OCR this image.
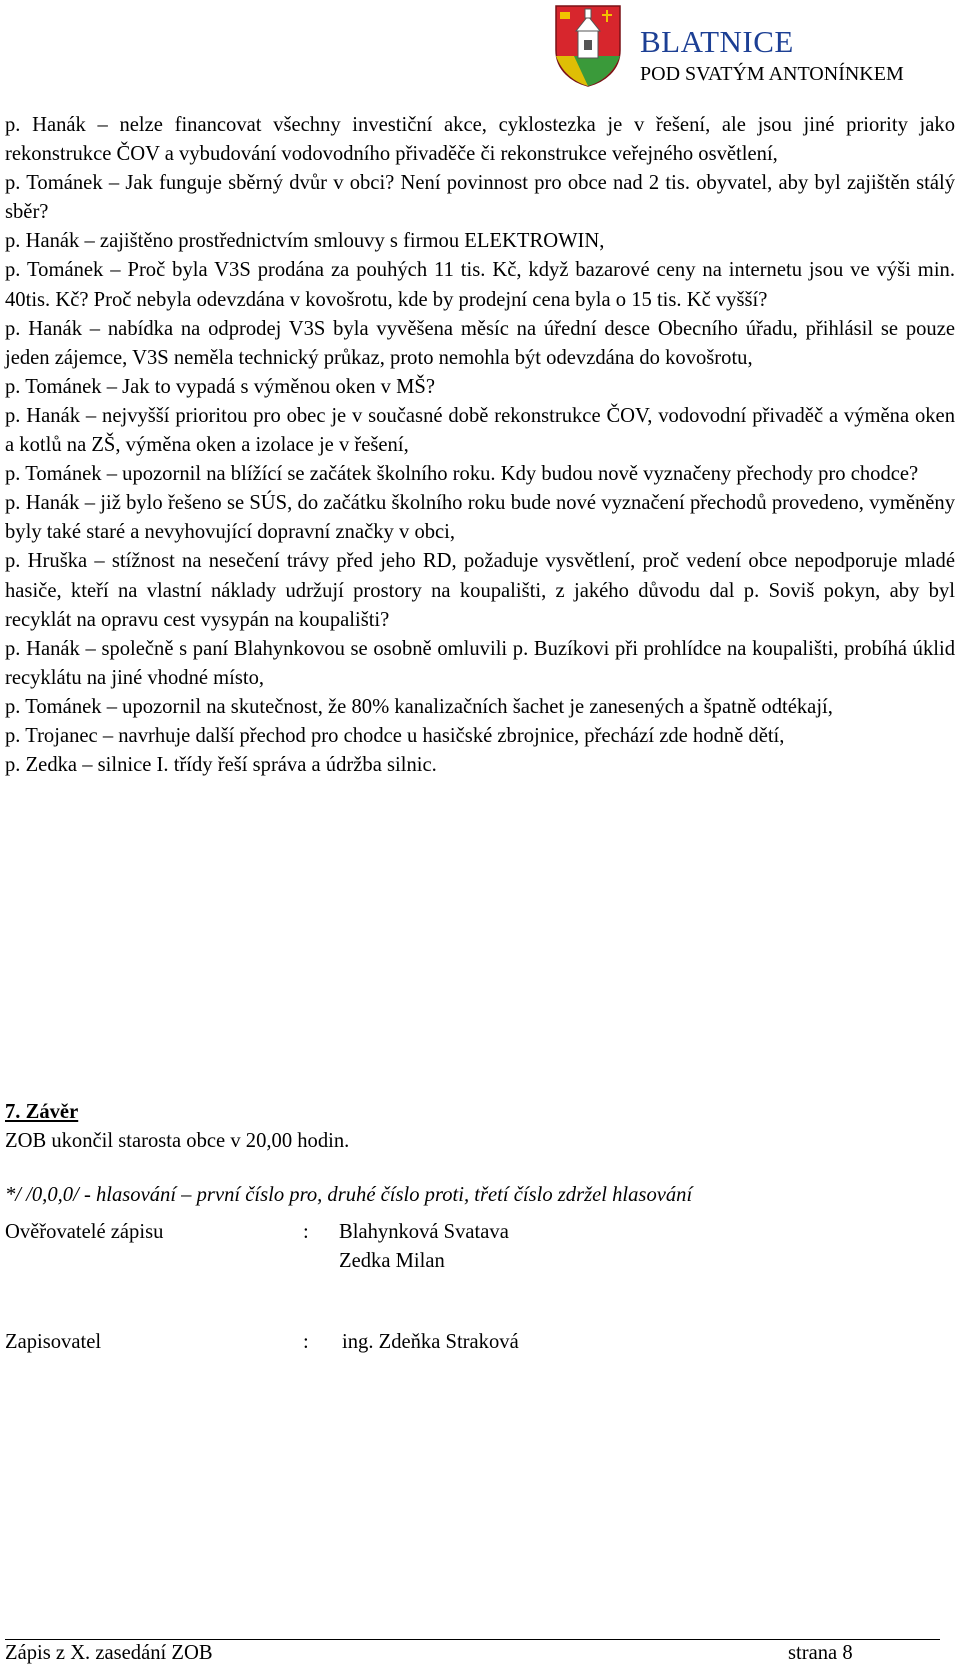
BLATNICE
POD SVATÝM ANTONÍNKEM

p. Hanák – nelze financovat všechny investiční akce, cyklostezka je v řešení, ale jsou jiné priority jako rekonstrukce ČOV a vybudování vodovodního přivaděče či rekonstrukce veřejného osvětlení,

p. Tománek – Jak funguje sběrný dvůr v obci? Není povinnost pro obce nad 2 tis. obyvatel, aby byl zajištěn stálý sběr?

p. Hanák – zajištěno prostřednictvím smlouvy s firmou ELEKTROWIN,

p. Tománek – Proč byla V3S prodána za pouhých 11 tis. Kč, když bazarové ceny na internetu jsou ve výši min. 40tis. Kč? Proč nebyla odevzdána v kovošrotu, kde by prodejní cena byla o 15 tis. Kč vyšší?

p. Hanák – nabídka na odprodej V3S byla vyvěšena měsíc na úřední desce Obecního úřadu, přihlásil se pouze jeden zájemce, V3S neměla technický průkaz, proto nemohla být odevzdána do kovošrotu,

p. Tománek – Jak to vypadá s výměnou oken v MŠ?

p. Hanák – nejvyšší prioritou pro obec je v současné době rekonstrukce ČOV, vodovodní přivaděč a výměna oken a kotlů na ZŠ, výměna oken a izolace je v řešení,

p. Tománek – upozornil na blížící se začátek školního roku. Kdy budou nově vyznačeny přechody pro chodce?

p. Hanák – již bylo řešeno se SÚS, do začátku školního roku bude nové vyznačení přechodů provedeno, vyměněny byly také staré a nevyhovující dopravní značky v obci,

p. Hruška – stížnost na nesečení trávy před jeho RD, požaduje vysvětlení, proč vedení obce nepodporuje mladé hasiče, kteří na vlastní náklady udržují prostory na koupališti, z jakého důvodu dal p. Soviš pokyn, aby byl recyklát na opravu cest vysypán na koupališti?

p. Hanák – společně s paní Blahynkovou se osobně omluvili p. Buzíkovi při prohlídce na koupališti, probíhá úklid recyklátu na jiné vhodné místo,

p. Tománek – upozornil na skutečnost, že 80% kanalizačních šachet je zanesených a špatně odtékají,

p. Trojanec – navrhuje další přechod pro chodce u hasičské zbrojnice, přechází zde hodně dětí,

p. Zedka – silnice I. třídy řeší správa a údržba silnic.

7. Závěr
ZOB ukončil starosta obce v 20,00 hodin.
*/ /0,0,0/ - hlasování – první číslo pro, druhé číslo proti, třetí číslo zdržel hlasování
Ověřovatelé zápisu	: Blahynková Svatava
Zedka Milan
Zapisovatel	: ing. Zdeňka Straková
Zápis z X. zasedání ZOB	strana 8
